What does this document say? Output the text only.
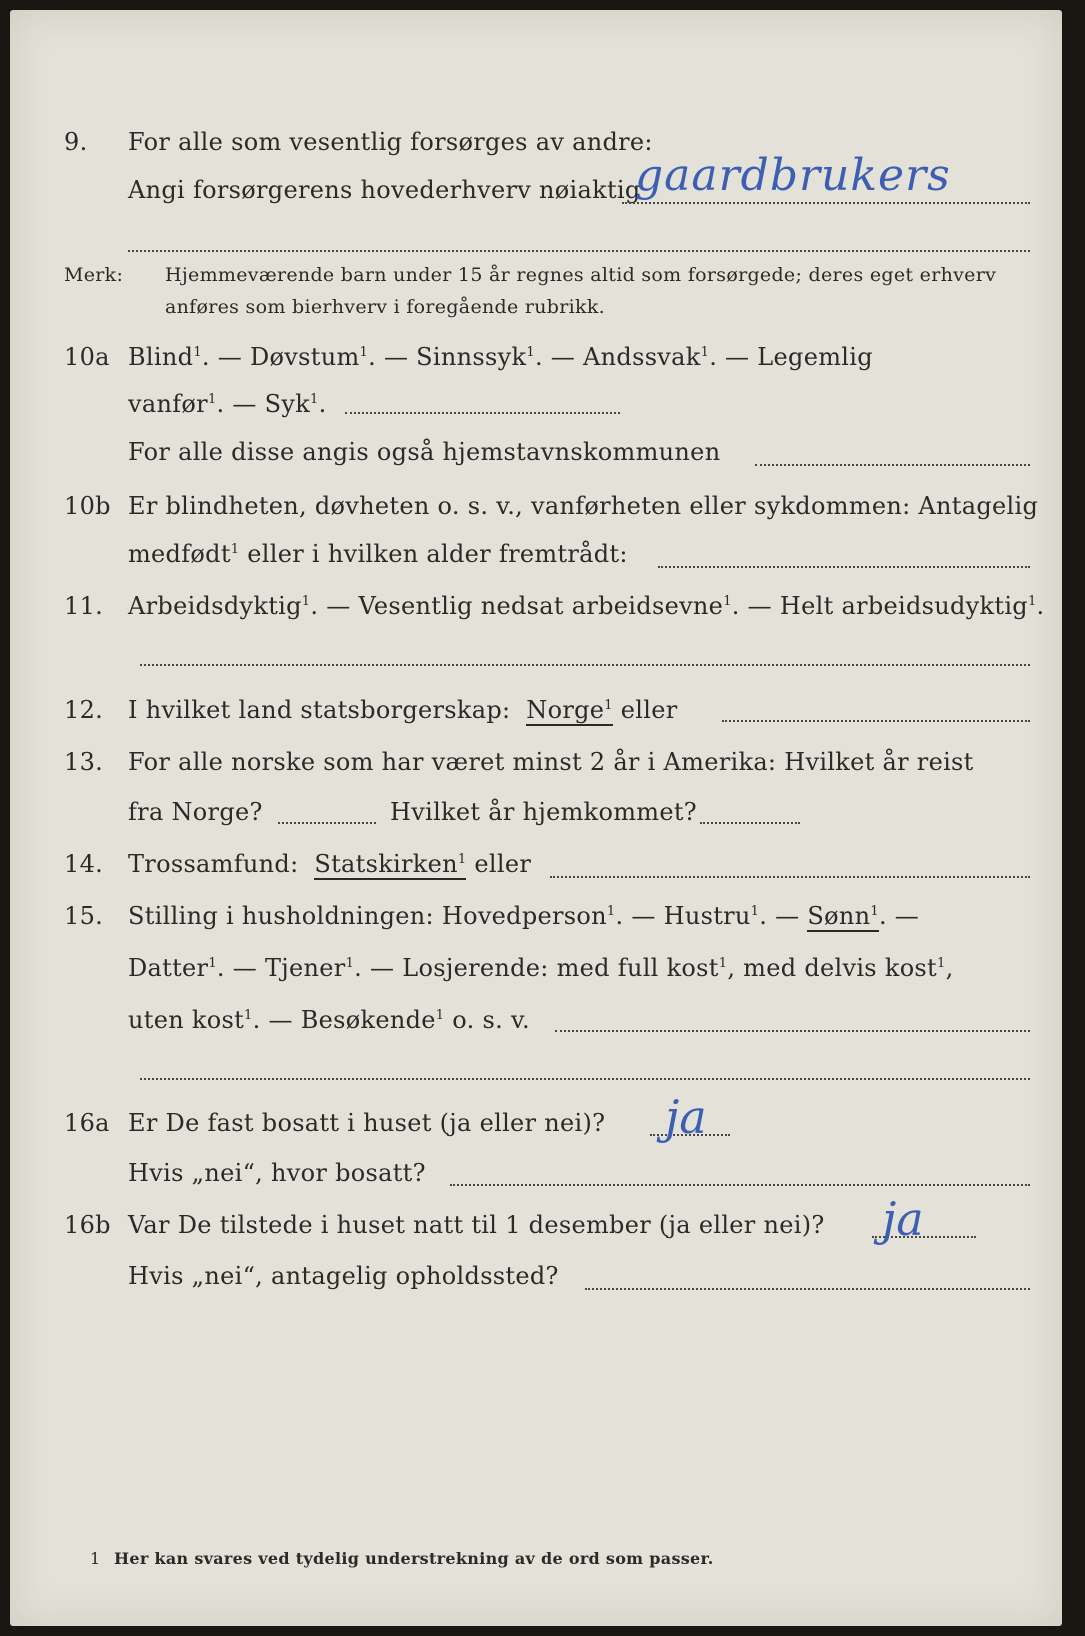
9. For alle som vesentlig forsørges av andre:
Angi forsørgerens hovederhverv nøiaktig
gaardbrukers
Merk: Hjemmeværende barn under 15 år regnes altid som forsørgede; deres eget erhverv
anføres som bierhverv i foregående rubrikk.
10a Blind$^1$. — Døvstum$^1$. — Sinnssyk$^1$. — Andssvak$^1$. — Legemlig
vanfør$^1$. — Syk$^1$.
For alle disse angis også hjemstavnskommunen
10b Er blindheten, døvheten o. s. v., vanførheten eller sykdommen: Antagelig
medfødt$^1$ eller i hvilken alder fremtrådt:
11. Arbeidsdyktig$^1$. — Vesentlig nedsat arbeidsevne$^1$. — Helt arbeidsudyktig$^1$.
12. I hvilket land statsborgerskap: Norge$^1$ eller
13. For alle norske som har været minst 2 år i Amerika: Hvilket år reist
fra Norge?	Hvilket år hjemkommet?
14. Trossamfund: Statskirken$^1$ eller
15. Stilling i husholdningen: Hovedperson$^1$. — Hustru$^1$. — Sønn$^1$. —
Datter$^1$. — Tjener$^1$. — Losjerende: med full kost$^1$, med delvis kost$^1$,
uten kost$^1$. — Besøkende$^1$ o. s. v.
16a Er De fast bosatt i huset (ja eller nei)? ja
Hvis „nei“, hvor bosatt?
16b Var De tilstede i huset natt til 1 desember (ja eller nei)? ja
Hvis „nei“, antagelig opholdssted?
1 Her kan svares ved tydelig understrekning av de ord som passer.
